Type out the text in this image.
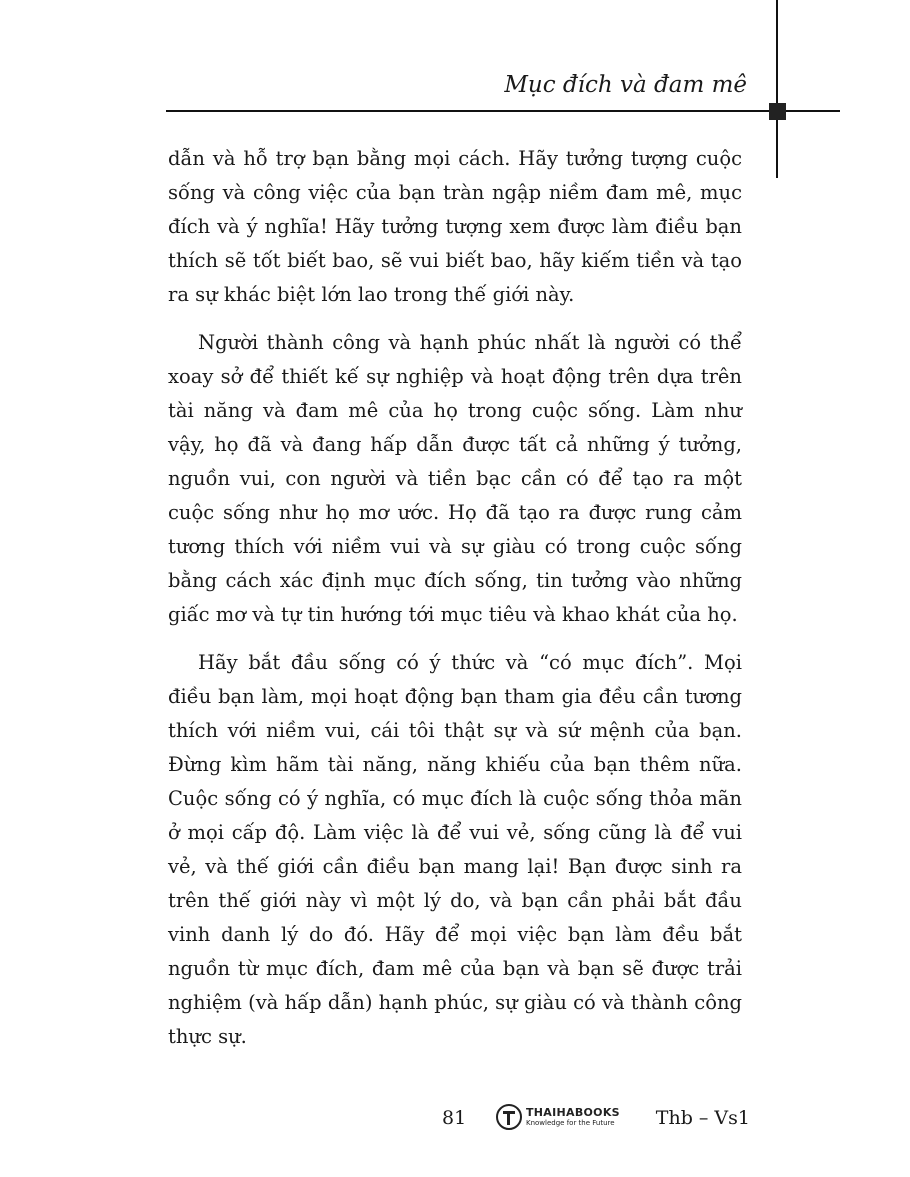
Mục đích và đam mê

dẫn và hỗ trợ bạn bằng mọi cách. Hãy tưởng tượng cuộc sống và công việc của bạn tràn ngập niềm đam mê, mục đích và ý nghĩa! Hãy tưởng tượng xem được làm điều bạn thích sẽ tốt biết bao, sẽ vui biết bao, hãy kiếm tiền và tạo ra sự khác biệt lớn lao trong thế giới này.

Người thành công và hạnh phúc nhất là người có thể xoay sở để thiết kế sự nghiệp và hoạt động trên dựa trên tài năng và đam mê của họ trong cuộc sống. Làm như vậy, họ đã và đang hấp dẫn được tất cả những ý tưởng, nguồn vui, con người và tiền bạc cần có để tạo ra một cuộc sống như họ mơ ước. Họ đã tạo ra được rung cảm tương thích với niềm vui và sự giàu có trong cuộc sống bằng cách xác định mục đích sống, tin tưởng vào những giấc mơ và tự tin hướng tới mục tiêu và khao khát của họ.

Hãy bắt đầu sống có ý thức và “có mục đích”. Mọi điều bạn làm, mọi hoạt động bạn tham gia đều cần tương thích với niềm vui, cái tôi thật sự và sứ mệnh của bạn. Đừng kìm hãm tài năng, năng khiếu của bạn thêm nữa. Cuộc sống có ý nghĩa, có mục đích là cuộc sống thỏa mãn ở mọi cấp độ. Làm việc là để vui vẻ, sống cũng là để vui vẻ, và thế giới cần điều bạn mang lại! Bạn được sinh ra trên thế giới này vì một lý do, và bạn cần phải bắt đầu vinh danh lý do đó. Hãy để mọi việc bạn làm đều bắt nguồn từ mục đích, đam mê của bạn và bạn sẽ được trải nghiệm (và hấp dẫn) hạnh phúc, sự giàu có và thành công thực sự.

81	THAIHABOOKS
Knowledge for the Future Thb – Vs1
